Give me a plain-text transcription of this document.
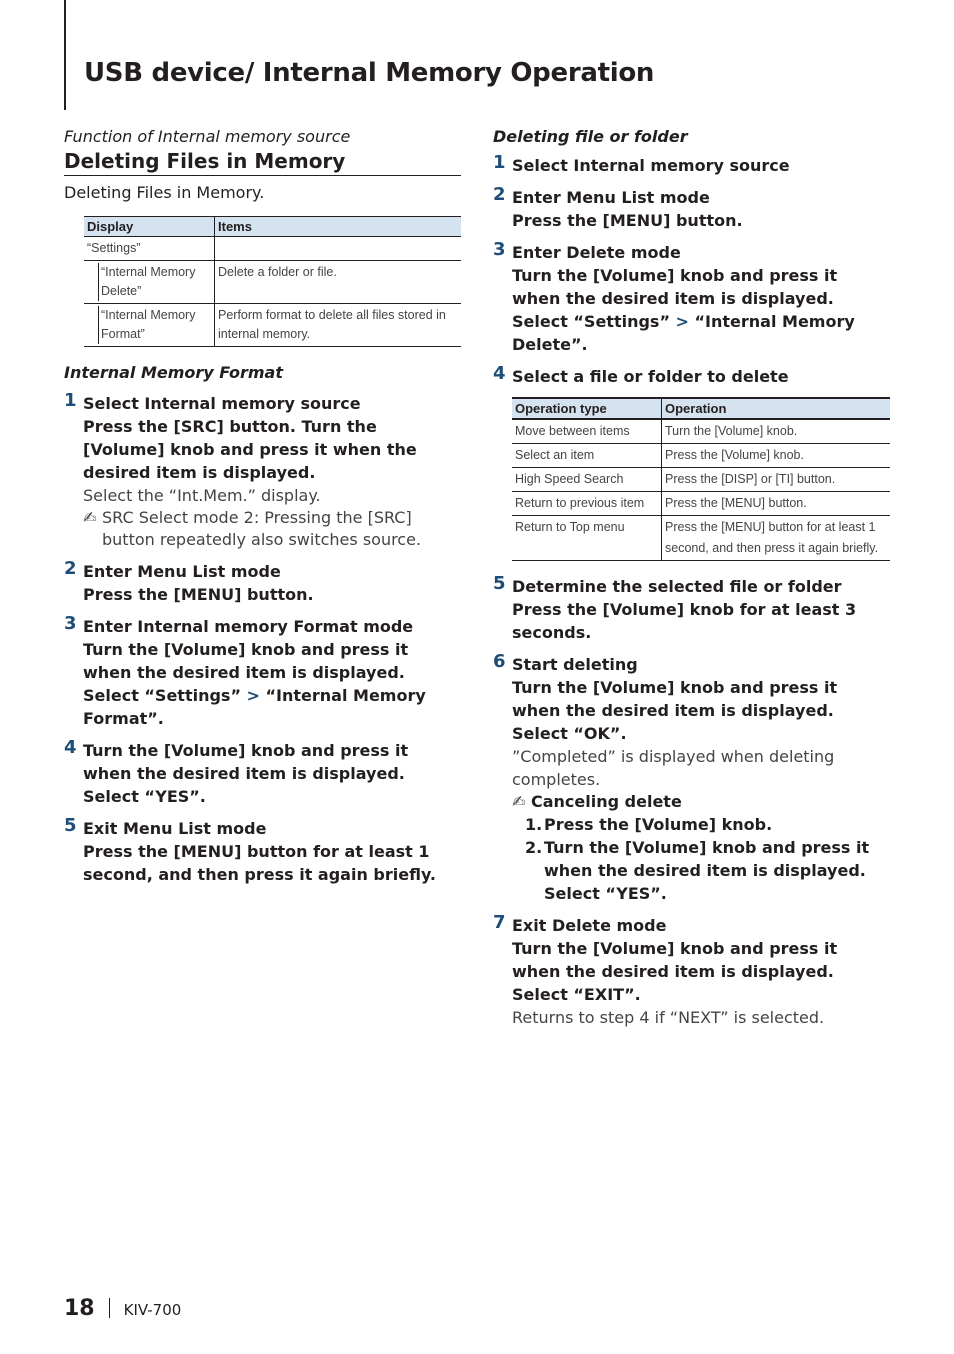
USB device/ Internal Memory Operation
Function of Internal memory source
Deleting Files in Memory
Deleting Files in Memory.
Display	Items
“Settings”	

“Internal Memory Delete”	Delete a folder or file.

“Internal Memory Format”	Perform format to delete all files stored in internal memory.
Internal Memory Format
1 Select Internal memory source
Press the [SRC] button. Turn the [Volume] knob and press it when the desired item is displayed.
Select the “Int.Mem.” display.
✍ SRC Select mode 2: Pressing the [SRC] button repeatedly also switches source.
2 Enter Menu List mode
Press the [MENU] button.
3 Enter Internal memory Format mode
Turn the [Volume] knob and press it when the desired item is displayed.
Select “Settings” > “Internal Memory Format”.
4 Turn the [Volume] knob and press it when the desired item is displayed.
Select “YES”.
5 Exit Menu List mode
Press the [MENU] button for at least 1 second, and then press it again briefly.
Deleting file or folder
1 Select Internal memory source
2 Enter Menu List mode
Press the [MENU] button.
3 Enter Delete mode
Turn the [Volume] knob and press it when the desired item is displayed.
Select “Settings” > “Internal Memory Delete”.
4 Select a file or folder to delete
Operation type	Operation
Move between items	Turn the [Volume] knob.
Select an item	Press the [Volume] knob.
High Speed Search	Press the [DISP] or [TI] button.
Return to previous item	Press the [MENU] button.
Return to Top menu	Press the [MENU] button for at least 1 second, and then press it again briefly.
5 Determine the selected file or folder
Press the [Volume] knob for at least 3 seconds.
6 Start deleting
Turn the [Volume] knob and press it when the desired item is displayed.
Select “OK”.
”Completed” is displayed when deleting completes.
✍ Canceling delete
1. Press the [Volume] knob.
2. Turn the [Volume] knob and press it when the desired item is displayed.
Select “YES”.
7 Exit Delete mode
Turn the [Volume] knob and press it when the desired item is displayed.
Select “EXIT”.
Returns to step 4 if “NEXT” is selected.
18 KIV-700
